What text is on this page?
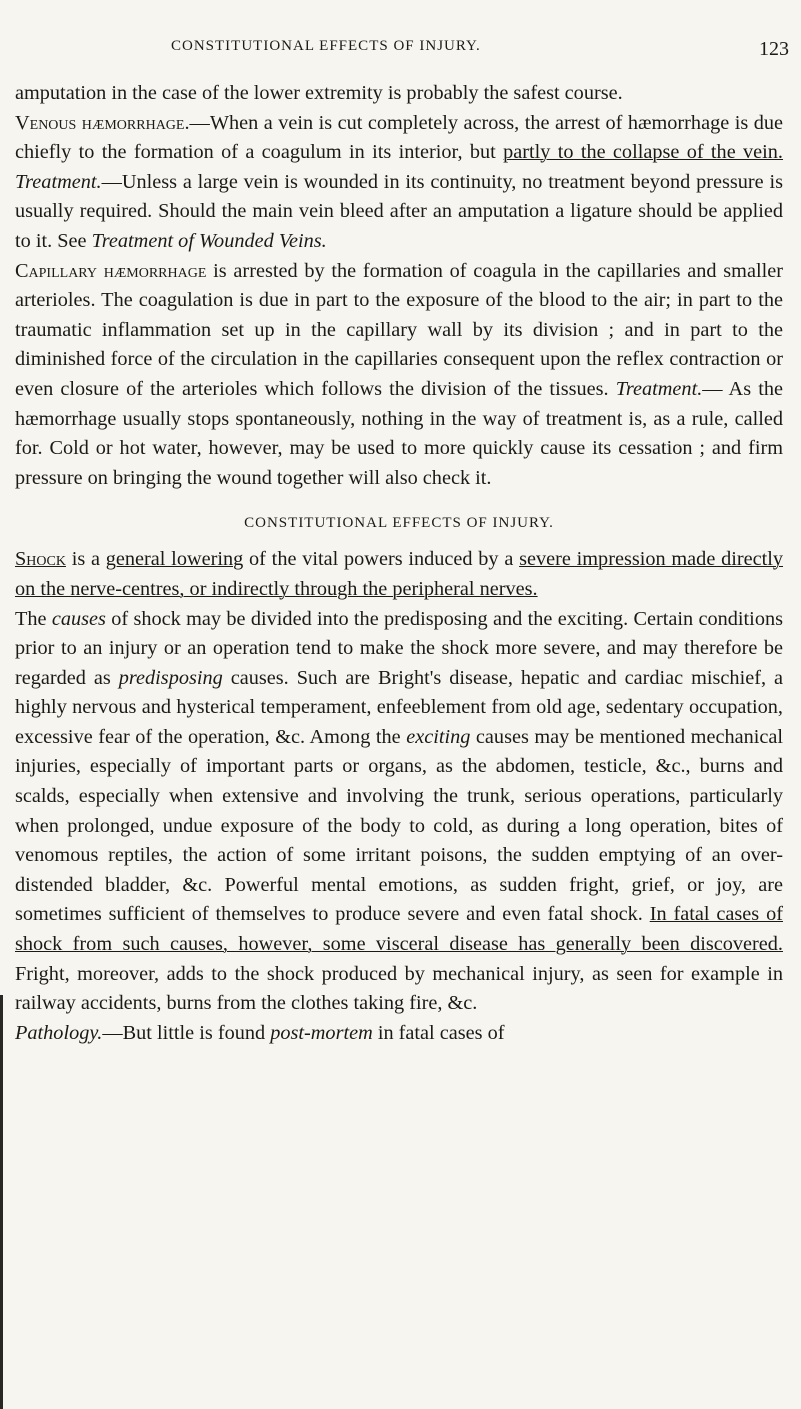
CONSTITUTIONAL EFFECTS OF INJURY.	123

amputation in the case of the lower extremity is probably the safest course.

Venous hæmorrhage.—When a vein is cut completely across, the arrest of hæmorrhage is due chiefly to the formation of a coagulum in its interior, but partly to the collapse of the vein. Treatment.—Unless a large vein is wounded in its continuity, no treatment beyond pressure is usually required. Should the main vein bleed after an amputation a ligature should be applied to it. See Treatment of Wounded Veins.

Capillary hæmorrhage is arrested by the formation of coagula in the capillaries and smaller arterioles. The coagulation is due in part to the exposure of the blood to the air; in part to the traumatic inflammation set up in the capillary wall by its division ; and in part to the diminished force of the circulation in the capillaries consequent upon the reflex contraction or even closure of the arterioles which follows the division of the tissues. Treatment.— As the hæmorrhage usually stops spontaneously, nothing in the way of treatment is, as a rule, called for. Cold or hot water, however, may be used to more quickly cause its cessation ; and firm pressure on bringing the wound together will also check it.

CONSTITUTIONAL EFFECTS OF INJURY.

Shock is a general lowering of the vital powers induced by a severe impression made directly on the nerve-centres, or indirectly through the peripheral nerves.

The causes of shock may be divided into the predisposing and the exciting. Certain conditions prior to an injury or an operation tend to make the shock more severe, and may therefore be regarded as predisposing causes. Such are Bright's disease, hepatic and cardiac mischief, a highly nervous and hysterical temperament, enfeeblement from old age, sedentary occupation, excessive fear of the operation, &c. Among the exciting causes may be mentioned mechanical injuries, especially of important parts or organs, as the abdomen, testicle, &c., burns and scalds, especially when extensive and involving the trunk, serious operations, particularly when prolonged, undue exposure of the body to cold, as during a long operation, bites of venomous reptiles, the action of some irritant poisons, the sudden emptying of an over-distended bladder, &c. Powerful mental emotions, as sudden fright, grief, or joy, are sometimes sufficient of themselves to produce severe and even fatal shock. In fatal cases of shock from such causes, however, some visceral disease has generally been discovered. Fright, moreover, adds to the shock produced by mechanical injury, as seen for example in railway accidents, burns from the clothes taking fire, &c.

Pathology.—But little is found post-mortem in fatal cases of
